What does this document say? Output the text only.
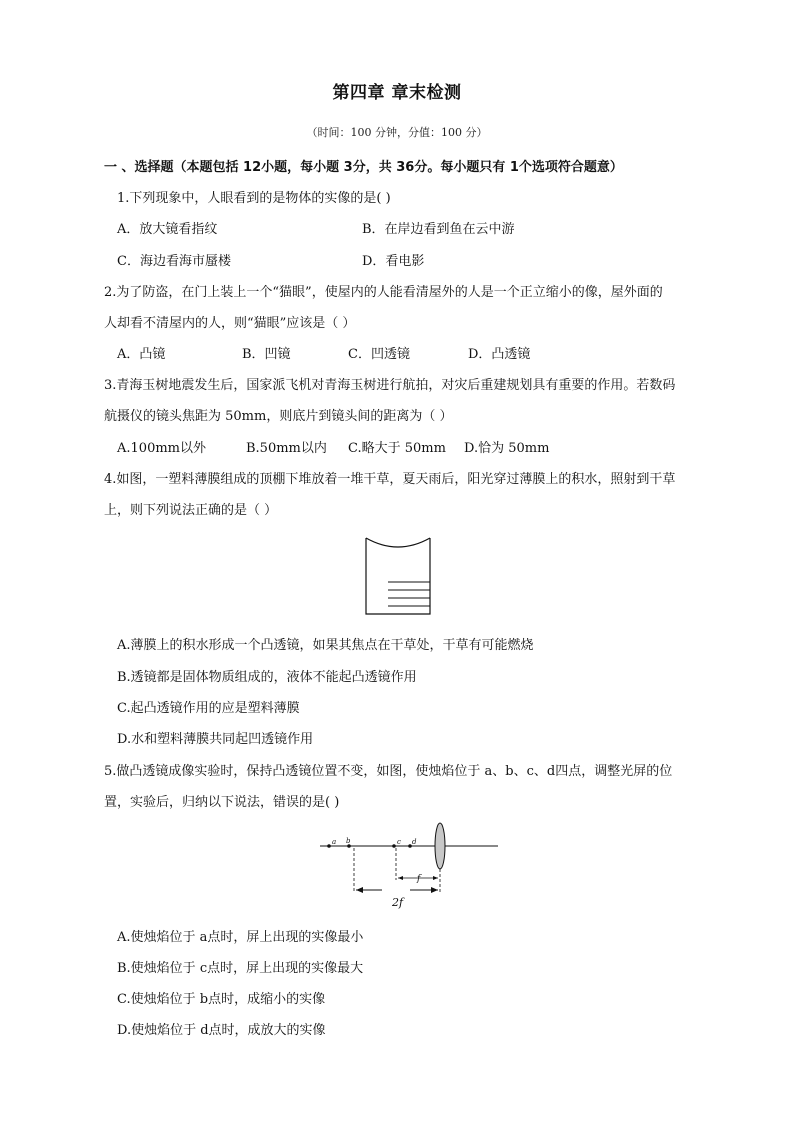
第四章 章末检测
（时间：100 分钟，分值：100 分）
一 、选择题（本题包括 12小题，每小题 3分，共 36分。每小题只有 1个选项符合题意）
1.下列现象中，人眼看到的是物体的实像的是( )
A．放大镜看指纹	B．在岸边看到鱼在云中游
C．海边看海市蜃楼	D．看电影
2.为了防盗，在门上装上一个“猫眼”，使屋内的人能看清屋外的人是一个正立缩小的像，屋外面的
人却看不清屋内的人，则“猫眼”应该是（ ）
A．凸镜	B．凹镜	C．凹透镜	D．凸透镜
3.青海玉树地震发生后，国家派飞机对青海玉树进行航拍，对灾后重建规划具有重要的作用。若数码
航摄仪的镜头焦距为 50mm，则底片到镜头间的距离为（ ）
A.100mm以外	B.50mm以内 C.略大于 50mm D.恰为 50mm
4.如图，一塑料薄膜组成的顶棚下堆放着一堆干草，夏天雨后，阳光穿过薄膜上的积水，照射到干草
上，则下列说法正确的是（ ）
A.薄膜上的积水形成一个凸透镜，如果其焦点在干草处，干草有可能燃烧
B.透镜都是固体物质组成的，液体不能起凸透镜作用
C.起凸透镜作用的应是塑料薄膜
D.水和塑料薄膜共同起凹透镜作用
5.做凸透镜成像实验时，保持凸透镜位置不变，如图，使烛焰位于 a、b、c、d四点，调整光屏的位
置，实验后，归纳以下说法，错误的是( )
a b	c d
f
2f
A.使烛焰位于 a点时，屏上出现的实像最小
B.使烛焰位于 c点时，屏上出现的实像最大
C.使烛焰位于 b点时，成缩小的实像
D.使烛焰位于 d点时，成放大的实像
